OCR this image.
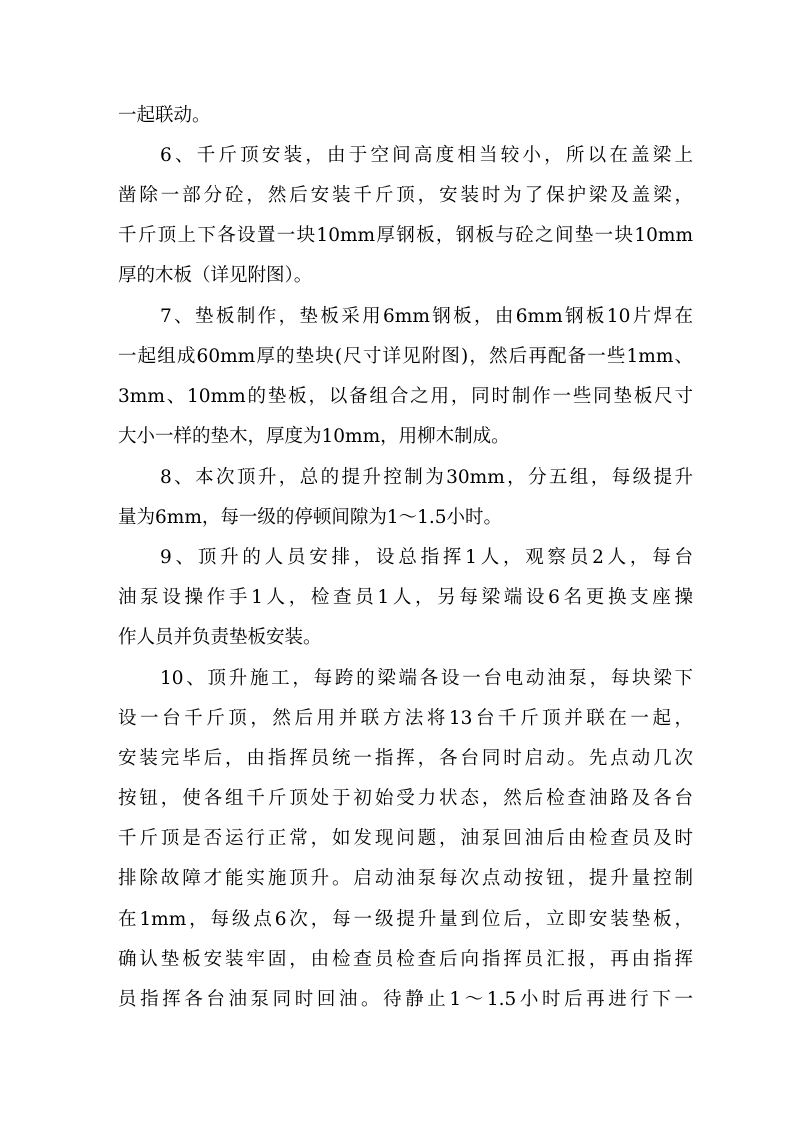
一起联动。
6、千斤顶安装，由于空间高度相当较小，所以在盖梁上
凿除一部分砼，然后安装千斤顶，安装时为了保护梁及盖梁，
千斤顶上下各设置一块10mm厚钢板，钢板与砼之间垫一块10mm
厚的木板（详见附图）。
7、垫板制作，垫板采用6mm钢板，由6mm钢板10片焊在
一起组成60mm厚的垫块(尺寸详见附图)，然后再配备一些1mm、
3mm、10mm的垫板，以备组合之用，同时制作一些同垫板尺寸
大小一样的垫木，厚度为10mm，用柳木制成。
8、本次顶升，总的提升控制为30mm，分五组，每级提升
量为6mm，每一级的停顿间隙为1～1.5小时。
9、顶升的人员安排，设总指挥1人，观察员2人，每台
油泵设操作手1人，检查员1人，另每梁端设6名更换支座操
作人员并负责垫板安装。
10、顶升施工，每跨的梁端各设一台电动油泵，每块梁下
设一台千斤顶，然后用并联方法将13台千斤顶并联在一起，
安装完毕后，由指挥员统一指挥，各台同时启动。先点动几次
按钮，使各组千斤顶处于初始受力状态，然后检查油路及各台
千斤顶是否运行正常，如发现问题，油泵回油后由检查员及时
排除故障才能实施顶升。启动油泵每次点动按钮，提升量控制
在1mm，每级点6次，每一级提升量到位后，立即安装垫板，
确认垫板安装牢固，由检查员检查后向指挥员汇报，再由指挥
员指挥各台油泵同时回油。待静止1～1.5小时后再进行下一
